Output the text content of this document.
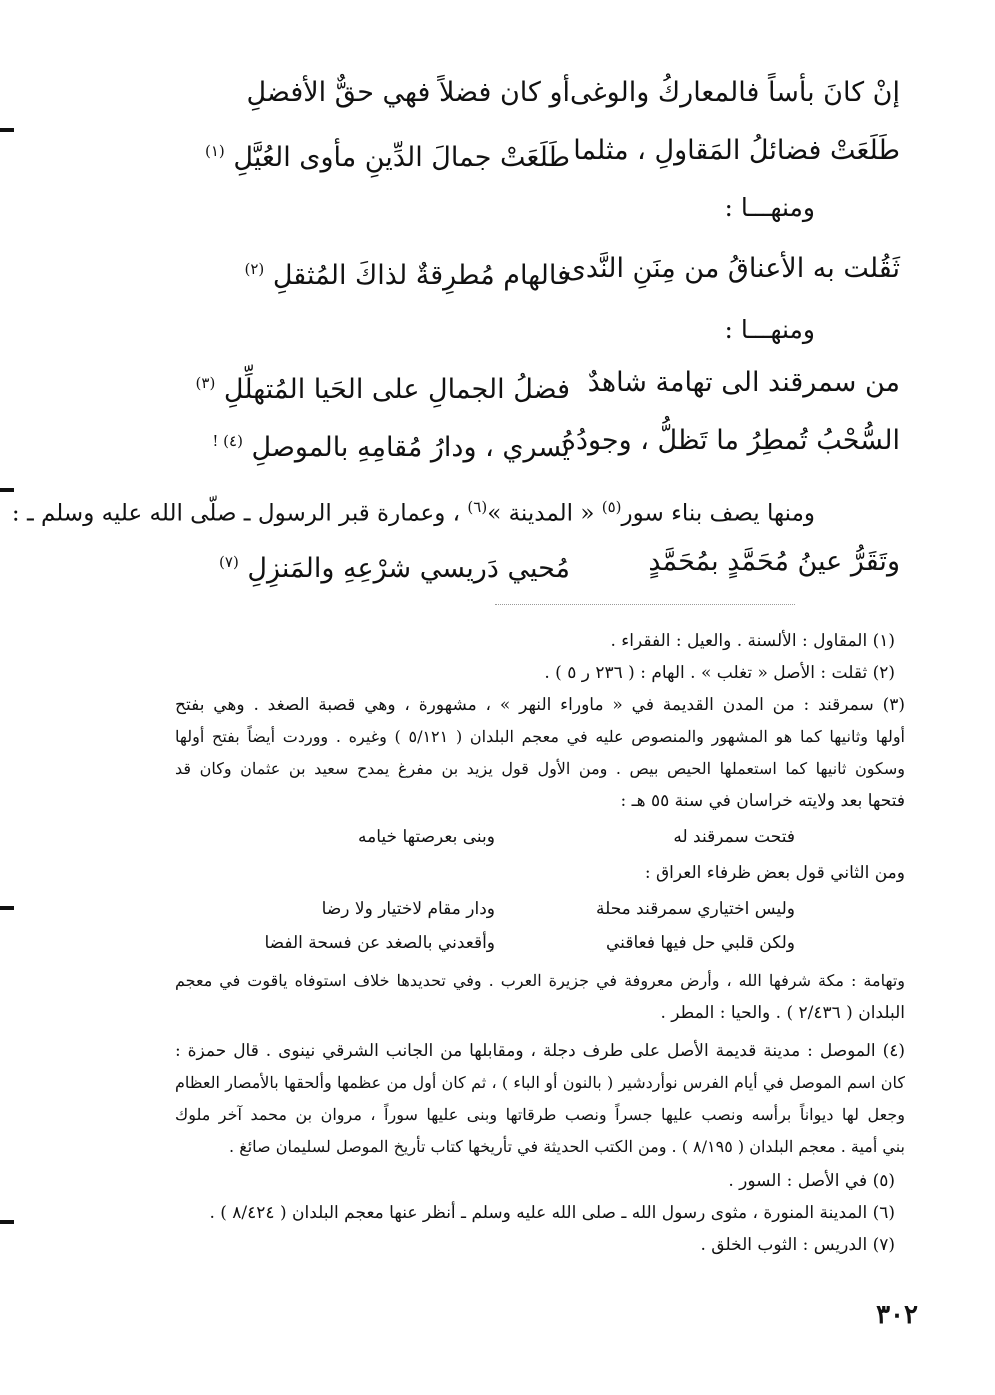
إنْ كانَ بأساً فالمعاركُ والوغى
أو كان فضلاً فهي حقٌّ الأفضلِ
طَلَعَتْ فضائلُ المَقاولِ ، مثلما
طَلَعَتْ جمالَ الدِّينِ مأوى العُيَّلِ $^{(١)}$
ومنهـــا :
ثَقُلت به الأعناقُ من مِنَنِ النَّدى
فالهام مُطرِقةٌ لذاكَ المُثقلِ $^{(٢)}$
ومنهـــا :
من سمرقند الى تهامة شاهدٌ
فضلُ الجمالِ على الحَيا المُتهلِّلِ $^{(٣)}$
السُّحْبُ تُمطِرُ ما تَظلُّ ، وجودُهُ
يَسري ، ودارُ مُقامِهِ بالموصلِ $^{(٤) !}$
ومنها يصف بناء سور$^{(٥)}$ « المدينة »$^{(٦)}$ ، وعمارة قبر الرسول ـ صلّى الله عليه وسلم ـ :
وتَقَرُّ عينُ مُحَمَّدٍ بمُحَمَّدٍ
مُحيي دَريسي شرْعِهِ والمَنزِلِ $^{(٧)}$
(١) المقاول : الألسنة . والعيل : الفقراء .
(٢) ثقلت : الأصل « تغلب » . الهام : ( ٢٣٦ ر ٥ ) .
(٣) سمرقند : من المدن القديمة في « ماوراء النهر » ، مشهورة ، وهي قصبة الصغد . وهي بفتح
أولها وثانيها كما هو المشهور والمنصوص عليه في معجم البلدان ( ٥/١٢١ ) وغيره . ووردت أيضاً بفتح أولها
وسكون ثانيها كما استعملها الحيص بيص . ومن الأول قول يزيد بن مفرغ يمدح سعيد بن عثمان وكان قد
فتحها بعد ولايته خراسان في سنة ٥٥ هـ :
فتحت سمرقند له
وبنى بعرصتها خيامه
ومن الثاني قول بعض ظرفاء العراق :
وليس اختياري سمرقند محلة
ودار مقام لاختيار ولا رضا
ولكن قلبي حل فيها فعاقني
وأقعدني بالصغد عن فسحة الفضا
وتهامة : مكة شرفها الله ، وأرض معروفة في جزيرة العرب . وفي تحديدها خلاف استوفاه ياقوت في معجم
البلدان ( ٢/٤٣٦ ) . والحيا : المطر .
(٤) الموصل : مدينة قديمة الأصل على طرف دجلة ، ومقابلها من الجانب الشرقي نينوى . قال حمزة :
كان اسم الموصل في أيام الفرس نوأردشير ( بالنون أو الباء ) ، ثم كان أول من عظمها وألحقها بالأمصار العظام
وجعل لها ديواناً برأسه ونصب عليها جسراً ونصب طرقاتها وبنى عليها سوراً ، مروان بن محمد آخر ملوك
بني أمية . معجم البلدان ( ٨/١٩٥ ) . ومن الكتب الحديثة في تأريخها كتاب تأريخ الموصل لسليمان صائغ .
(٥) في الأصل : السور .
(٦) المدينة المنورة ، مثوى رسول الله ـ صلى الله عليه وسلم ـ أنظر عنها معجم البلدان ( ٨/٤٢٤ ) .
(٧) الدريس : الثوب الخلق .
٣٠٢
